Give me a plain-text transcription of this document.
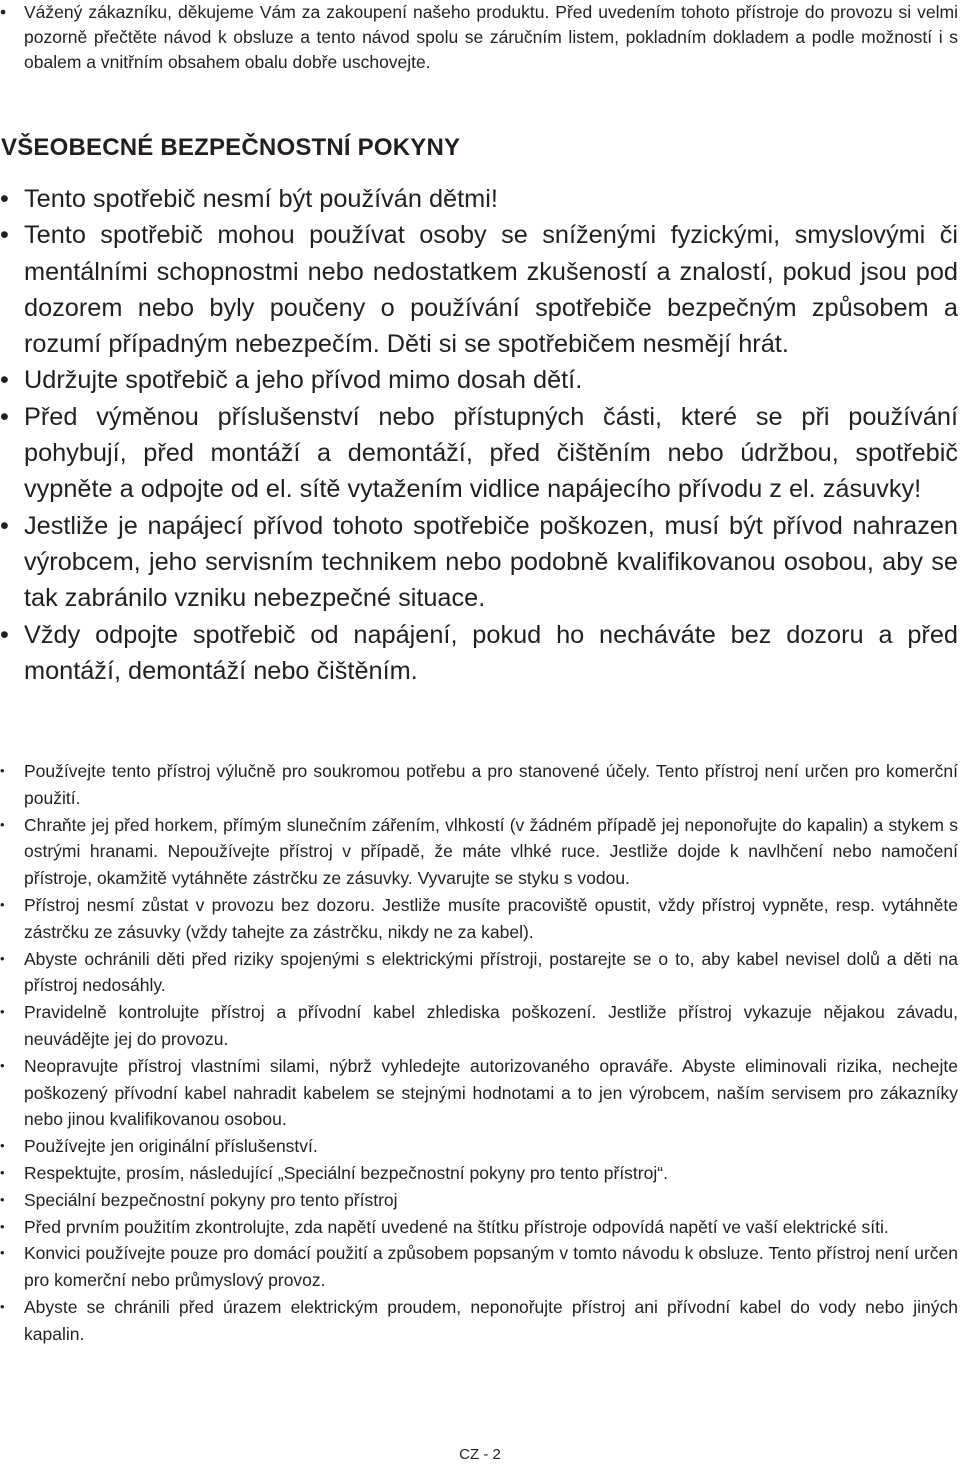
• Vážený zákazníku, děkujeme Vám za zakoupení našeho produktu. Před uvedením tohoto přístroje do provozu si velmi pozorně přečtěte návod k obsluze a tento návod spolu se záručním listem, pokladním dokladem a podle možností i s obalem a vnitřním obsahem obalu dobře uschovejte.
VŠEOBECNÉ BEZPEČNOSTNÍ POKYNY
• Tento spotřebič nesmí být používán dětmi!
• Tento spotřebič mohou používat osoby se sníženými fyzickými, smyslovými či mentálními schopnostmi nebo nedostatkem zkušeností a znalostí, pokud jsou pod dozorem nebo byly poučeny o používání spotřebiče bezpečným způsobem a rozumí případným nebezpečím. Děti si se spotřebičem nesmějí hrát.
• Udržujte spotřebič a jeho přívod mimo dosah dětí.
• Před výměnou příslušenství nebo přístupných části, které se při používání pohybují, před montáží a demontáží, před čištěním nebo údržbou, spotřebič vypněte a odpojte od el. sítě vytažením vidlice napájecího přívodu z el. zásuvky!
• Jestliže je napájecí přívod tohoto spotřebiče poškozen, musí být přívod nahrazen výrobcem, jeho servisním technikem nebo podobně kvalifikovanou osobou, aby se tak zabránilo vzniku nebezpečné situace.
• Vždy odpojte spotřebič od napájení, pokud ho necháváte bez dozoru a před montáží, demontáží nebo čištěním.
• Používejte tento přístroj výlučně pro soukromou potřebu a pro stanovené účely. Tento přístroj není určen pro komerční použití.
• Chraňte jej před horkem, přímým slunečním zářením, vlhkostí (v žádném případě jej neponořujte do kapalin) a stykem s ostrými hranami. Nepoužívejte přístroj v případě, že máte vlhké ruce. Jestliže dojde k navlhčení nebo namočení přístroje, okamžitě vytáhněte zástrčku ze zásuvky. Vyvarujte se styku s vodou.
• Přístroj nesmí zůstat v provozu bez dozoru. Jestliže musíte pracoviště opustit, vždy přístroj vypněte, resp. vytáhněte zástrčku ze zásuvky (vždy tahejte za zástrčku, nikdy ne za kabel).
• Abyste ochránili děti před riziky spojenými s elektrickými přístroji, postarejte se o to, aby kabel nevisel dolů a děti na přístroj nedosáhly.
• Pravidelně kontrolujte přístroj a přívodní kabel zhlediska poškození. Jestliže přístroj vykazuje nějakou závadu, neuvádějte jej do provozu.
• Neopravujte přístroj vlastními silami, nýbrž vyhledejte autorizovaného opraváře. Abyste eliminovali rizika, nechejte poškozený přívodní kabel nahradit kabelem se stejnými hodnotami a to jen výrobcem, naším servisem pro zákazníky nebo jinou kvalifikovanou osobou.
• Používejte jen originální příslušenství.
• Respektujte, prosím, následující „Speciální bezpečnostní pokyny pro tento přístroj“.
• Speciální bezpečnostní pokyny pro tento přístroj
• Před prvním použitím zkontrolujte, zda napětí uvedené na štítku přístroje odpovídá napětí ve vaší elektrické síti.
• Konvici používejte pouze pro domácí použití a způsobem popsaným v tomto návodu k obsluze. Tento přístroj není určen pro komerční nebo průmyslový provoz.
• Abyste se chránili před úrazem elektrickým proudem, neponořujte přístroj ani přívodní kabel do vody nebo jiných kapalin.
CZ - 2
